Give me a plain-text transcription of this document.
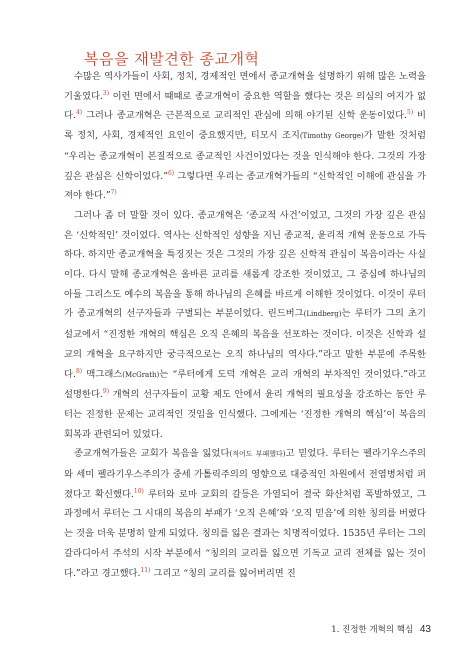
복음을 재발견한 종교개혁

수많은 역사가들이 사회, 정치, 경제적인 면에서 종교개혁을 설명하기 위해 많은 노력을 기울였다.$^{3)}$ 이런 면에서 때때로 종교개혁이 중요한 역할을 했다는 것은 의심의 여지가 없다.$^{4)}$ 그러나 종교개혁은 근본적으로 교리적인 관심에 의해 야기된 신학 운동이었다.$^{5)}$ 비록 정치, 사회, 경제적인 요인이 중요했지만, 티모시 조지(Timothy George)가 말한 것처럼 “우리는 종교개혁이 본질적으로 종교적인 사건이었다는 것을 인식해야 한다. 그것의 가장 깊은 관심은 신학이었다.”$^{6)}$ 그렇다면 우리는 종교개혁가들의 “신학적인 이해에 관심을 가져야 한다.”$^{7)}$

그러나 좀 더 말할 것이 있다. 종교개혁은 ‘종교적 사건’이었고, 그것의 가장 깊은 관심은 ‘신학적인’ 것이었다. 역사는 신학적인 성향을 지닌 종교적, 윤리적 개혁 운동으로 가득하다. 하지만 종교개혁을 특징짓는 것은 그것의 가장 깊은 신학적 관심이 복음이라는 사실이다. 다시 말해 종교개혁은 올바른 교리를 새롭게 강조한 것이었고, 그 중심에 하나님의 아들 그리스도 예수의 복음을 통해 하나님의 은혜를 바르게 이해한 것이었다. 이것이 루터가 종교개혁의 선구자들과 구별되는 부분이었다. 린드버그(Lindberg)는 루터가 그의 초기 설교에서 “진정한 개혁의 핵심은 오직 은혜의 복음을 선포하는 것이다. 이것은 신학과 설교의 개혁을 요구하지만 궁극적으로는 오직 하나님의 역사다.”라고 말한 부분에 주목한다.$^{8)}$ 맥그래스(McGrath)는 “루터에게 도덕 개혁은 교리 개혁의 부차적인 것이었다.”라고 설명한다.$^{9)}$ 개혁의 선구자들이 교황 제도 안에서 윤리 개혁의 필요성을 강조하는 동안 루터는 진정한 문제는 교리적인 것임을 인식했다. 그에게는 ‘진정한 개혁의 핵심’이 복음의 회복과 관련되어 있었다.

종교개혁가들은 교회가 복음을 잃었다(적어도 부패했다)고 믿었다. 루터는 펠라기우스주의와 세미 펠라기우스주의가 중세 가톨릭주의의 영향으로 대중적인 차원에서 전염병처럼 퍼졌다고 확신했다.$^{10)}$ 루터와 로마 교회의 갈등은 가열되어 결국 화산처럼 폭발하였고, 그 과정에서 루터는 그 시대의 복음의 부패가 ‘오직 은혜’와 ‘오직 믿음’에 의한 칭의를 버렸다는 것을 더욱 분명히 알게 되었다. 칭의를 잃은 결과는 치명적이었다. 1535년 루터는 그의 갈라디아서 주석의 시작 부분에서 “칭의의 교리를 잃으면 기독교 교리 전체를 잃는 것이다.”라고 경고했다.$^{11)}$ 그리고 “칭의 교리를 잃어버리면 진

1. 진정한 개혁의 핵심 43
